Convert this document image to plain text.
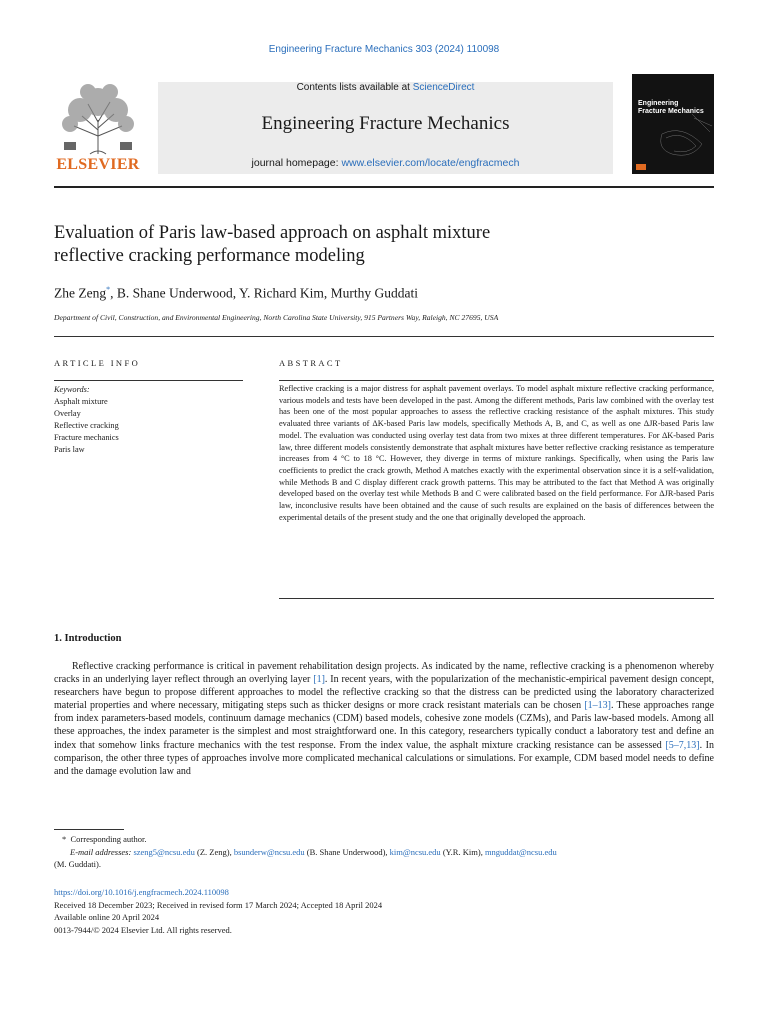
Engineering Fracture Mechanics 303 (2024) 110098
ELSEVIER
Contents lists available at ScienceDirect
Engineering Fracture Mechanics
journal homepage: www.elsevier.com/locate/engfracmech
Engineering
Fracture Mechanics
Evaluation of Paris law-based approach on asphalt mixture
reflective cracking performance modeling
Zhe Zeng*, B. Shane Underwood, Y. Richard Kim, Murthy Guddati
Department of Civil, Construction, and Environmental Engineering, North Carolina State University, 915 Partners Way, Raleigh, NC 27695, USA
ARTICLE INFO
Keywords:
Asphalt mixture
Overlay
Reflective cracking
Fracture mechanics
Paris law
ABSTRACT
Reflective cracking is a major distress for asphalt pavement overlays. To model asphalt mixture reflective cracking performance, various models and tests have been developed in the past. Among the different methods, Paris law combined with the overlay test has been one of the most popular approaches to assess the reflective cracking resistance of the asphalt mixtures. This study evaluated three variants of ΔK-based Paris law models, specifically Methods A, B, and C, as well as one ΔJR-based Paris law model. The evaluation was conducted using overlay test data from two mixes at three different temperatures. For ΔK-based Paris law, three different models consistently demonstrate that asphalt mixtures have better reflective cracking resistance as temperature increases from 4 °C to 18 °C. However, they diverge in terms of mixture rankings. Specifically, when using the Paris law coefficients to predict the crack growth, Method A matches exactly with the experimental observation since it is a self-validation, while Methods B and C display different crack growth patterns. This may be attributed to the fact that Method A was originally developed based on the overlay test while Methods B and C were calibrated based on the field performance. For ΔJR-based Paris law, inconclusive results have been obtained and the cause of such results are explained on the basis of differences between the experimental details of the present study and the one that originally developed the approach.
1. Introduction
Reflective cracking performance is critical in pavement rehabilitation design projects. As indicated by the name, reflective cracking is a phenomenon whereby cracks in an underlying layer reflect through an overlying layer [1]. In recent years, with the popularization of the mechanistic-empirical pavement design concept, researchers have begun to propose different approaches to model the reflective cracking so that the distress can be predicted using the laboratory characterized material properties and where necessary, mitigating steps such as thicker designs or more crack resistant materials can be chosen [1–13]. These approaches range from index parameters-based models, continuum damage mechanics (CDM) based models, cohesive zone models (CZMs), and Paris law-based models. Among all these approaches, the index parameter is the simplest and most straightforward one. In this category, researchers typically conduct a laboratory test and define an index that somehow links fracture mechanics with the test response. From the index value, the asphalt mixture cracking resistance can be assessed [5–7,13]. In comparison, the other three types of approaches involve more complicated mechanical calculations or simulations. For example, CDM based model needs to define and the damage evolution law and
* Corresponding author.
E-mail addresses: szeng5@ncsu.edu (Z. Zeng), bsunderw@ncsu.edu (B. Shane Underwood), kim@ncsu.edu (Y.R. Kim), mnguddat@ncsu.edu
(M. Guddati).
https://doi.org/10.1016/j.engfracmech.2024.110098
Received 18 December 2023; Received in revised form 17 March 2024; Accepted 18 April 2024
Available online 20 April 2024
0013-7944/© 2024 Elsevier Ltd. All rights reserved.
